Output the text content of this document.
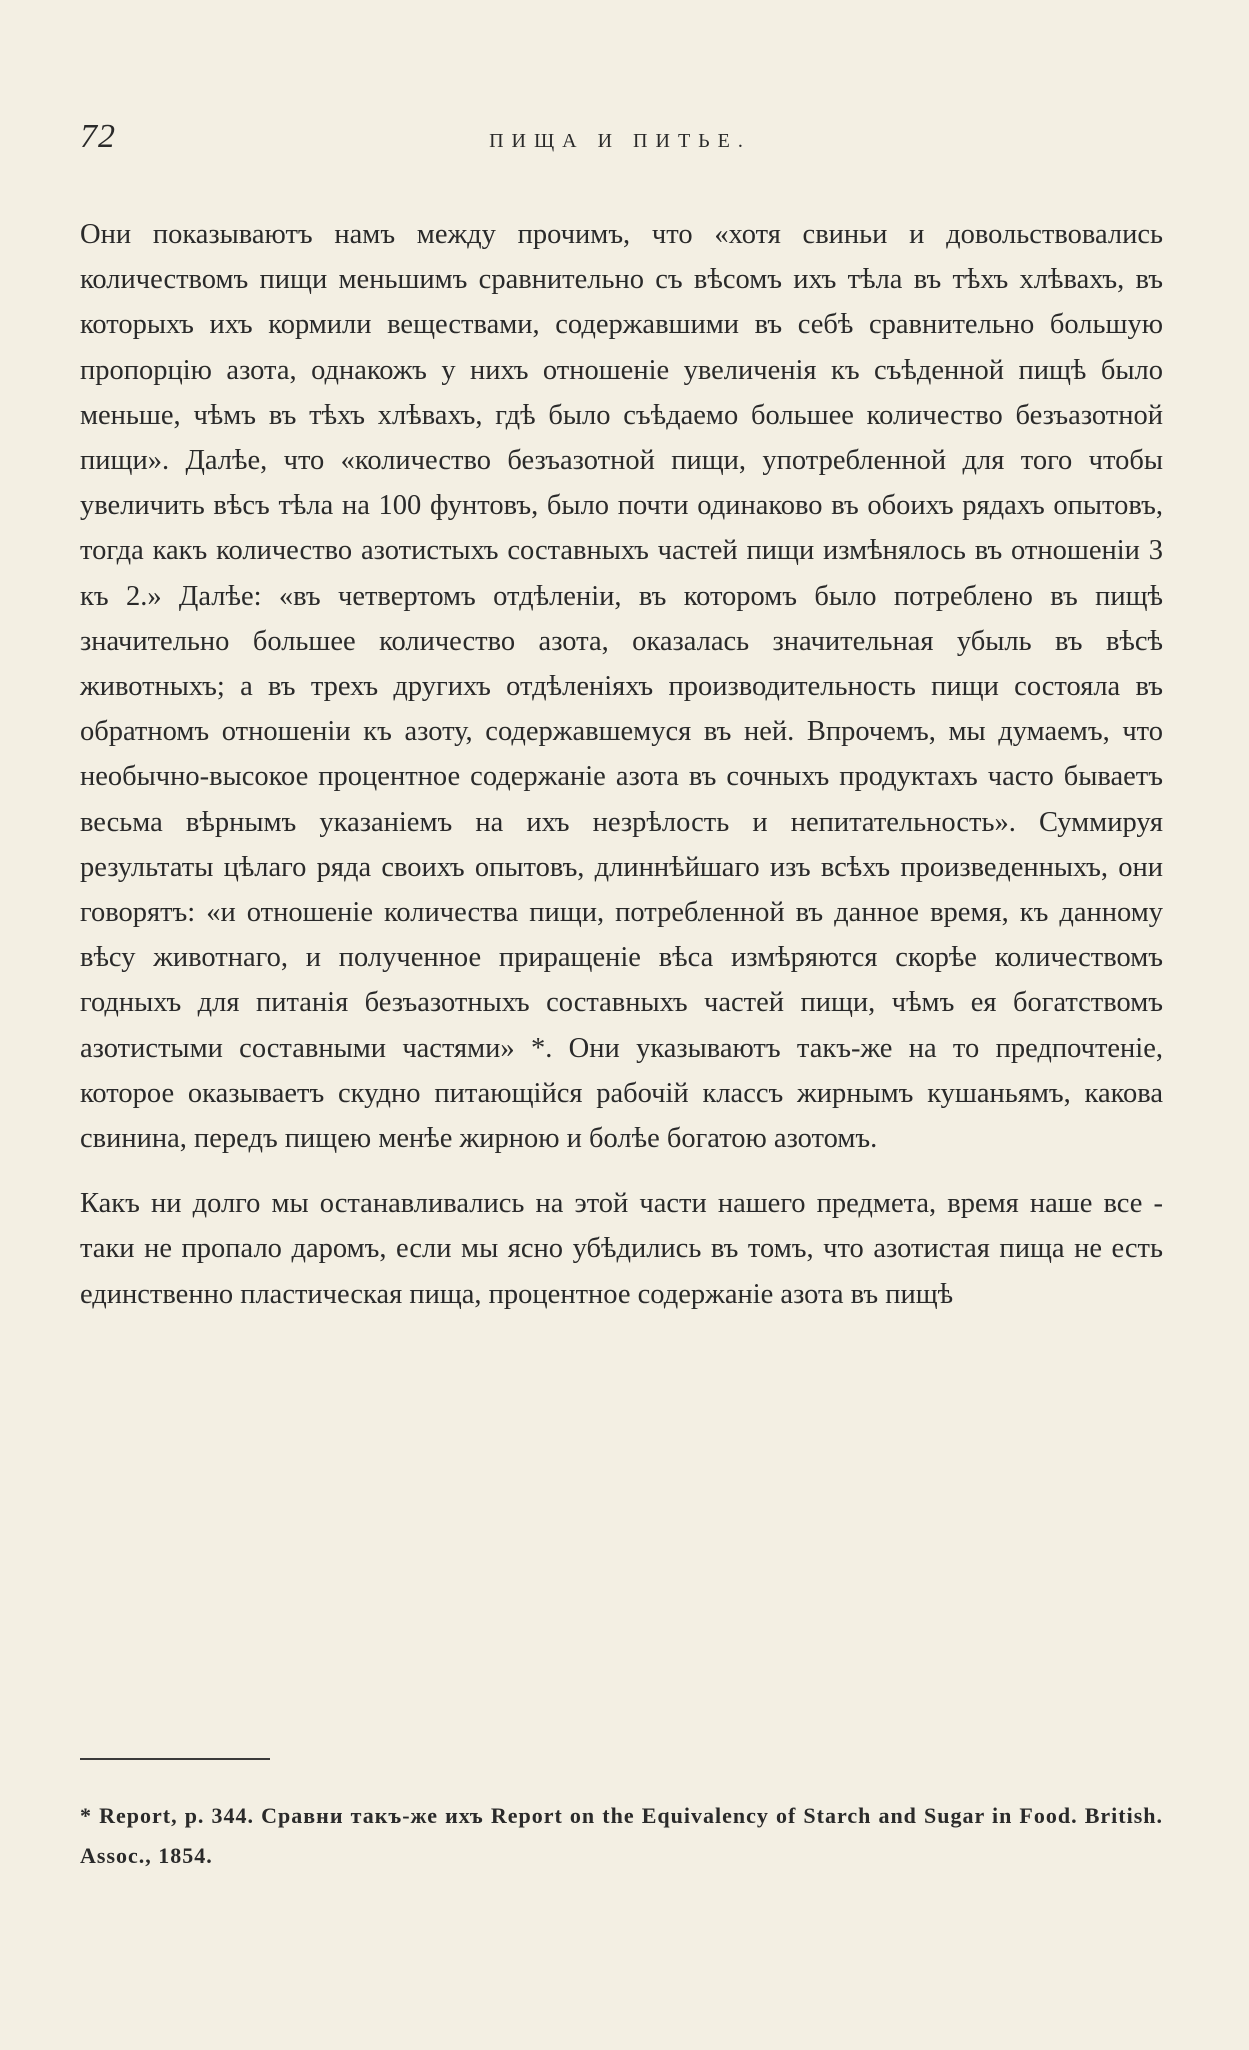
72	ПИЩА И ПИТЬЕ.

Они показываютъ намъ между прочимъ, что «хотя свиньи и довольствовались количествомъ пищи меньшимъ сравнительно съ вѣсомъ ихъ тѣла въ тѣхъ хлѣвахъ, въ которыхъ ихъ кормили веществами, содержавшими въ себѣ сравнительно большую пропорцію азота, однакожъ у нихъ отношеніе увеличенія къ съѣденной пищѣ было меньше, чѣмъ въ тѣхъ хлѣвахъ, гдѣ было съѣдаемо большее количество безъазотной пищи». Далѣе, что «количество безъазотной пищи, употребленной для того чтобы увеличить вѣсъ тѣла на 100 фунтовъ, было почти одинаково въ обоихъ рядахъ опытовъ, тогда какъ количество азотистыхъ составныхъ частей пищи измѣнялось въ отношеніи 3 къ 2.» Далѣе: «въ четвертомъ отдѣленіи, въ которомъ было потреблено въ пищѣ значительно большее количество азота, оказалась значительная убыль въ вѣсѣ животныхъ; а въ трехъ другихъ отдѣленіяхъ производительность пищи состояла въ обратномъ отношеніи къ азоту, содержавшемуся въ ней. Впрочемъ, мы думаемъ, что необычно-высокое процентное содержаніе азота въ сочныхъ продуктахъ часто бываетъ весьма вѣрнымъ указаніемъ на ихъ незрѣлость и непитательность». Суммируя результаты цѣлаго ряда своихъ опытовъ, длиннѣйшаго изъ всѣхъ произведенныхъ, они говорятъ: «и отношеніе количества пищи, потребленной въ данное время, къ данному вѣсу животнаго, и полученное приращеніе вѣса измѣряются скорѣе количествомъ годныхъ для питанія безъазотныхъ составныхъ частей пищи, чѣмъ ея богатствомъ азотистыми составными частями» *. Они указываютъ такъ-же на то предпочтеніе, которое оказываетъ скудно питающійся рабочій классъ жирнымъ кушаньямъ, какова свинина, передъ пищею менѣе жирною и болѣе богатою азотомъ.

Какъ ни долго мы останавливались на этой части нашего предмета, время наше все - таки не пропало даромъ, если мы ясно убѣдились въ томъ, что азотистая пища не есть единственно пластическая пища, процентное содержаніе азота въ пищѣ

* Report, p. 344. Сравни такъ-же ихъ Report on the Equivalency of Starch and Sugar in Food. British. Assoc., 1854.
